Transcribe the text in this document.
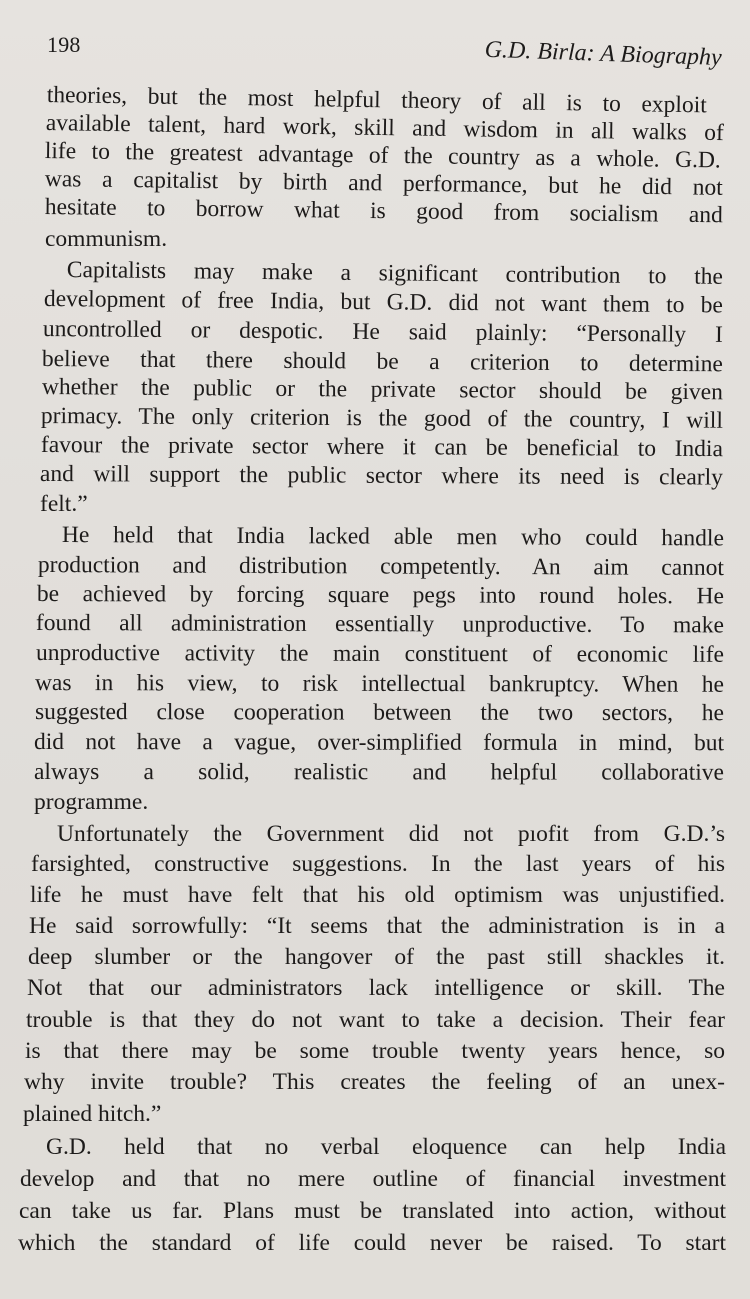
198	G.D. Birla: A Biography
theories, but the most helpful theory of all is to exploit
available talent, hard work, skill and wisdom in all walks of
life to the greatest advantage of the country as a whole. G.D.
was a capitalist by birth and performance, but he did not
hesitate to borrow what is good from socialism and
communism.
Capitalists may make a significant contribution to the
development of free India, but G.D. did not want them to be
uncontrolled or despotic. He said plainly: “Personally I
believe that there should be a criterion to determine
whether the public or the private sector should be given
primacy. The only criterion is the good of the country, I will
favour the private sector where it can be beneficial to India
and will support the public sector where its need is clearly
felt.”
He held that India lacked able men who could handle
production and distribution competently. An aim cannot
be achieved by forcing square pegs into round holes. He
found all administration essentially unproductive. To make
unproductive activity the main constituent of economic life
was in his view, to risk intellectual bankruptcy. When he
suggested close cooperation between the two sectors, he
did not have a vague, over-simplified formula in mind, but
always a solid, realistic and helpful collaborative
programme.
Unfortunately the Government did not pıofit from G.D.’s
farsighted, constructive suggestions. In the last years of his
life he must have felt that his old optimism was unjustified.
He said sorrowfully: “It seems that the administration is in a
deep slumber or the hangover of the past still shackles it.
Not that our administrators lack intelligence or skill. The
trouble is that they do not want to take a decision. Their fear
is that there may be some trouble twenty years hence, so
why invite trouble? This creates the feeling of an unex-
plained hitch.”
G.D. held that no verbal eloquence can help India
develop and that no mere outline of financial investment
can take us far. Plans must be translated into action, without
which the standard of life could never be raised. To start
